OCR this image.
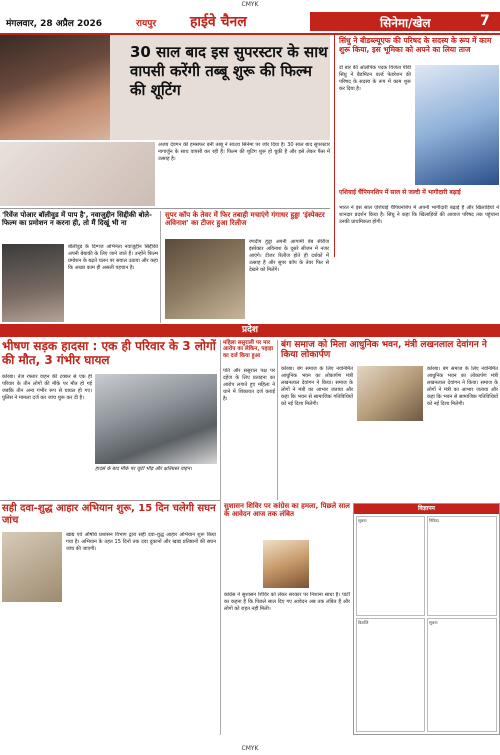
CMYK
मंगलवार, 28 अप्रैल 2026	रायपुर हाईवे चैनल	सिनेमा/खेल	7
30 साल बाद इस सुपरस्टार के साथ वापसी करेंगी तब्बू शुरू की फिल्म की शूटिंग
अजय देवगन की हमसफर बनी तब्बू ने साउथ सिनेमा पर जोर दिया है। 30 साल बाद सुपरस्टार नागार्जुन के साथ वापसी कर रही हैं। फिल्म की शूटिंग शुरू हो चुकी है और इसे लेकर फैंस में उत्साह है।
सिंधु ने बीडब्ल्यूएफ की परिषद के सदस्य के रूप में काम शुरू किया, इस भूमिका को अपने का लिया ताज
दो बार की ओलंपिक पदक विजेता पीवी सिंधु ने बैडमिंटन वर्ल्ड फेडरेशन की परिषद के सदस्य के रूप में काम शुरू कर दिया है।
एशियाई चैंपियनशिप में साल से जल्दी में भागीदारी बढ़ाई
भारत ने इस साल एशियाई चैंपियनशिप में अपनी भागीदारी बढ़ाई है और खिलाड़ियों ने शानदार प्रदर्शन किया है। सिंधु ने कहा कि खिलाड़ियों की आवाज परिषद तक पहुंचाना उनकी प्राथमिकता होगी।
'रिवेंज पोआर बॉलीवुड में पाप है', नवाजुद्दीन सिद्दीकी बोले- फिल्म का प्रमोशन न करना ही, तो मैं दिखूं भी ना
बॉलीवुड के दिग्गज अभिनेता नवाजुद्दीन सिद्दीकी अपनी बेबाकी के लिए जाने जाते हैं। उन्होंने फिल्म प्रमोशन के बढ़ते चलन पर सवाल उठाया और कहा कि अच्छा काम ही असली पहचान है।
सुपर कॉप के तेवर में फिर तबाही मचाएंगे गंगाधर हुड्डा 'इंस्पेक्टर अविनाश' का टीजर हुआ रिलीज
रणदीप हुड्डा अपनी आगामी वेब सीरीज इंस्पेक्टर अविनाश के दूसरे सीजन में नजर आएंगे। टीजर रिलीज होते ही दर्शकों में उत्साह है और सुपर कॉप के तेवर फिर से देखने को मिलेंगे।
प्रदेश
भीषण सड़क हादसा : एक ही परिवार के 3 लोगों की मौत, 3 गंभीर घायल
कोरबा। तेज रफ्तार वाहन की टक्कर से एक ही परिवार के तीन लोगों की मौके पर मौत हो गई जबकि तीन अन्य गंभीर रूप से घायल हो गए। पुलिस ने मामला दर्ज कर जांच शुरू कर दी है।
हादसे के बाद मौके पर जुटी भीड़ और क्षतिग्रस्त वाहन।
महिला ससुराली पर मार आरोप का लेकिन, पहाड़ा का दर्ज किया हुआ
पति और ससुराल पक्ष पर दहेज के लिए प्रताड़ना का आरोप लगाते हुए महिला ने थाने में शिकायत दर्ज कराई है।
बंग समाज को मिला आधुनिक भवन, मंत्री लखनलाल देवांगन ने किया लोकार्पण
कोरबा। बंग समाज के लिए नवनिर्मित आधुनिक भवन का लोकार्पण मंत्री लखनलाल देवांगन ने किया। समाज के लोगों ने मंत्री का आभार जताया और कहा कि भवन से सामाजिक गतिविधियों को नई दिशा मिलेगी।
कोरबा। बंग समाज के लिए नवनिर्मित आधुनिक भवन का लोकार्पण मंत्री लखनलाल देवांगन ने किया। समाज के लोगों ने मंत्री का आभार जताया और कहा कि भवन से सामाजिक गतिविधियों को नई दिशा मिलेगी।
सही दवा-शुद्ध आहार अभियान शुरू, 15 दिन चलेगी सघन जांच
खाद्य एवं औषधि प्रशासन विभाग द्वारा सही दवा-शुद्ध आहार अभियान शुरू किया गया है। अभियान के तहत 15 दिनों तक दवा दुकानों और खाद्य प्रतिष्ठानों की सघन जांच की जाएगी।
सुशासन शिविर पर कांग्रेस का हमला, पिछले साल के आवेदन आज तक लंबित
कांग्रेस ने सुशासन शिविर को लेकर सरकार पर निशाना साधा है। पार्टी का कहना है कि पिछले साल दिए गए आवेदन अब तक लंबित हैं और लोगों को राहत नहीं मिली।
विज्ञापन
सूचना	निविदा
विज्ञप्ति	सूचना
CMYK
